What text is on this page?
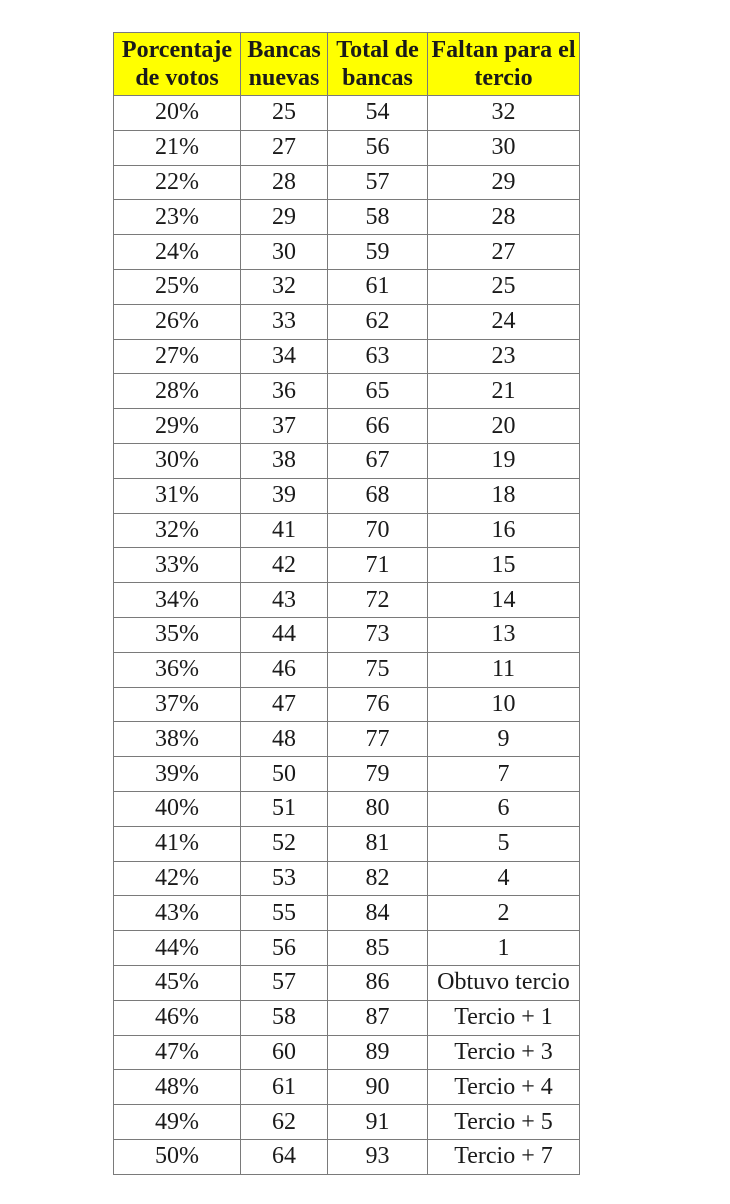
Porcentaje de votos	Bancas nuevas	Total de bancas	Faltan para el tercio
20%	25	54	32
21%	27	56	30
22%	28	57	29
23%	29	58	28
24%	30	59	27
25%	32	61	25
26%	33	62	24
27%	34	63	23
28%	36	65	21
29%	37	66	20
30%	38	67	19
31%	39	68	18
32%	41	70	16
33%	42	71	15
34%	43	72	14
35%	44	73	13
36%	46	75	11
37%	47	76	10
38%	48	77	9
39%	50	79	7
40%	51	80	6
41%	52	81	5
42%	53	82	4
43%	55	84	2
44%	56	85	1
45%	57	86	Obtuvo tercio
46%	58	87	Tercio + 1
47%	60	89	Tercio + 3
48%	61	90	Tercio + 4
49%	62	91	Tercio + 5
50%	64	93	Tercio + 7
